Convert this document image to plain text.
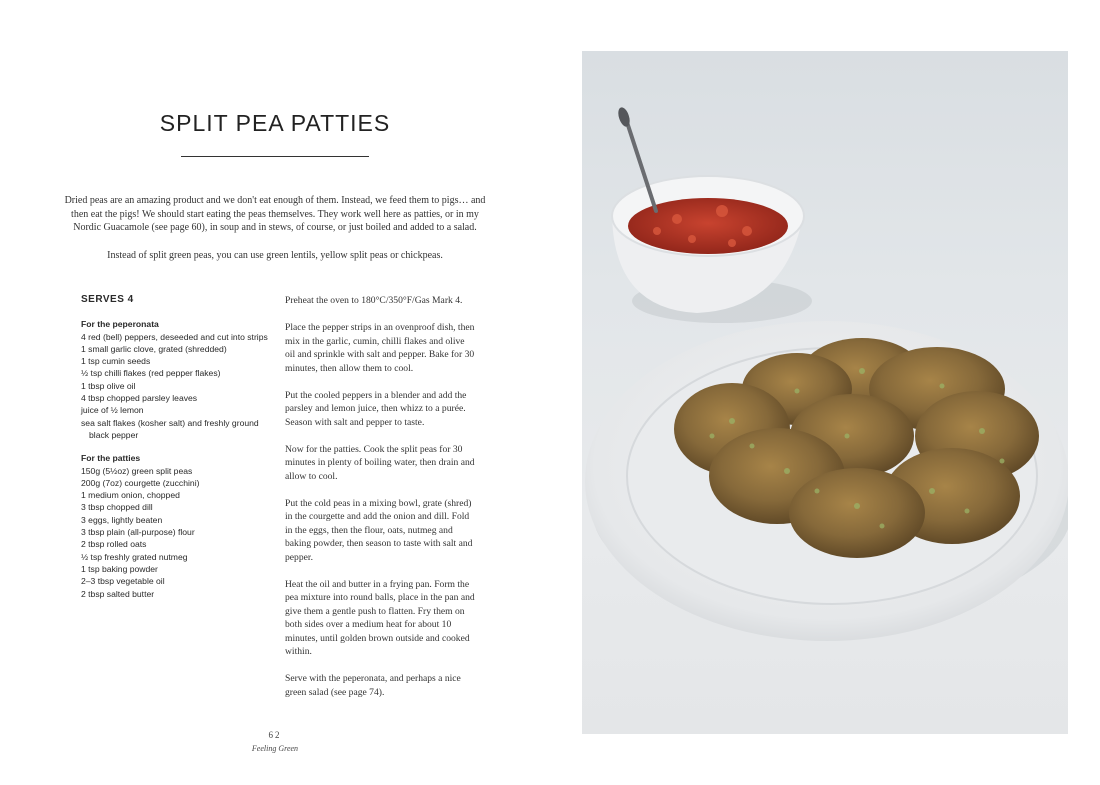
SPLIT PEA PATTIES

Dried peas are an amazing product and we don't eat enough of them. Instead, we feed them to pigs… and then eat the pigs! We should start eating the peas themselves. They work well here as patties, or in my Nordic Guacamole (see page 60), in soup and in stews, of course, or just boiled and added to a salad.

Instead of split green peas, you can use green lentils, yellow split peas or chickpeas.

SERVES 4
For the peperonata
4 red (bell) peppers, deseeded and cut into strips
1 small garlic clove, grated (shredded)
1 tsp cumin seeds
½ tsp chilli flakes (red pepper flakes)
1 tbsp olive oil
4 tbsp chopped parsley leaves
juice of ½ lemon
sea salt flakes (kosher salt) and freshly ground black pepper
For the patties
150g (5½oz) green split peas
200g (7oz) courgette (zucchini)
1 medium onion, chopped
3 tbsp chopped dill
3 eggs, lightly beaten
3 tbsp plain (all-purpose) flour
2 tbsp rolled oats
½ tsp freshly grated nutmeg
1 tsp baking powder
2–3 tbsp vegetable oil
2 tbsp salted butter

Preheat the oven to 180°C/350°F/Gas Mark 4.

Place the pepper strips in an ovenproof dish, then mix in the garlic, cumin, chilli flakes and olive oil and sprinkle with salt and pepper. Bake for 30 minutes, then allow them to cool.

Put the cooled peppers in a blender and add the parsley and lemon juice, then whizz to a purée. Season with salt and pepper to taste.

Now for the patties. Cook the split peas for 30 minutes in plenty of boiling water, then drain and allow to cool.

Put the cold peas in a mixing bowl, grate (shred) in the courgette and add the onion and dill. Fold in the eggs, then the flour, oats, nutmeg and baking powder, then season to taste with salt and pepper.

Heat the oil and butter in a frying pan. Form the pea mixture into round balls, place in the pan and give them a gentle push to flatten. Fry them on both sides over a medium heat for about 10 minutes, until golden brown outside and cooked within.

Serve with the peperonata, and perhaps a nice green salad (see page 74).

62
Feeling Green
